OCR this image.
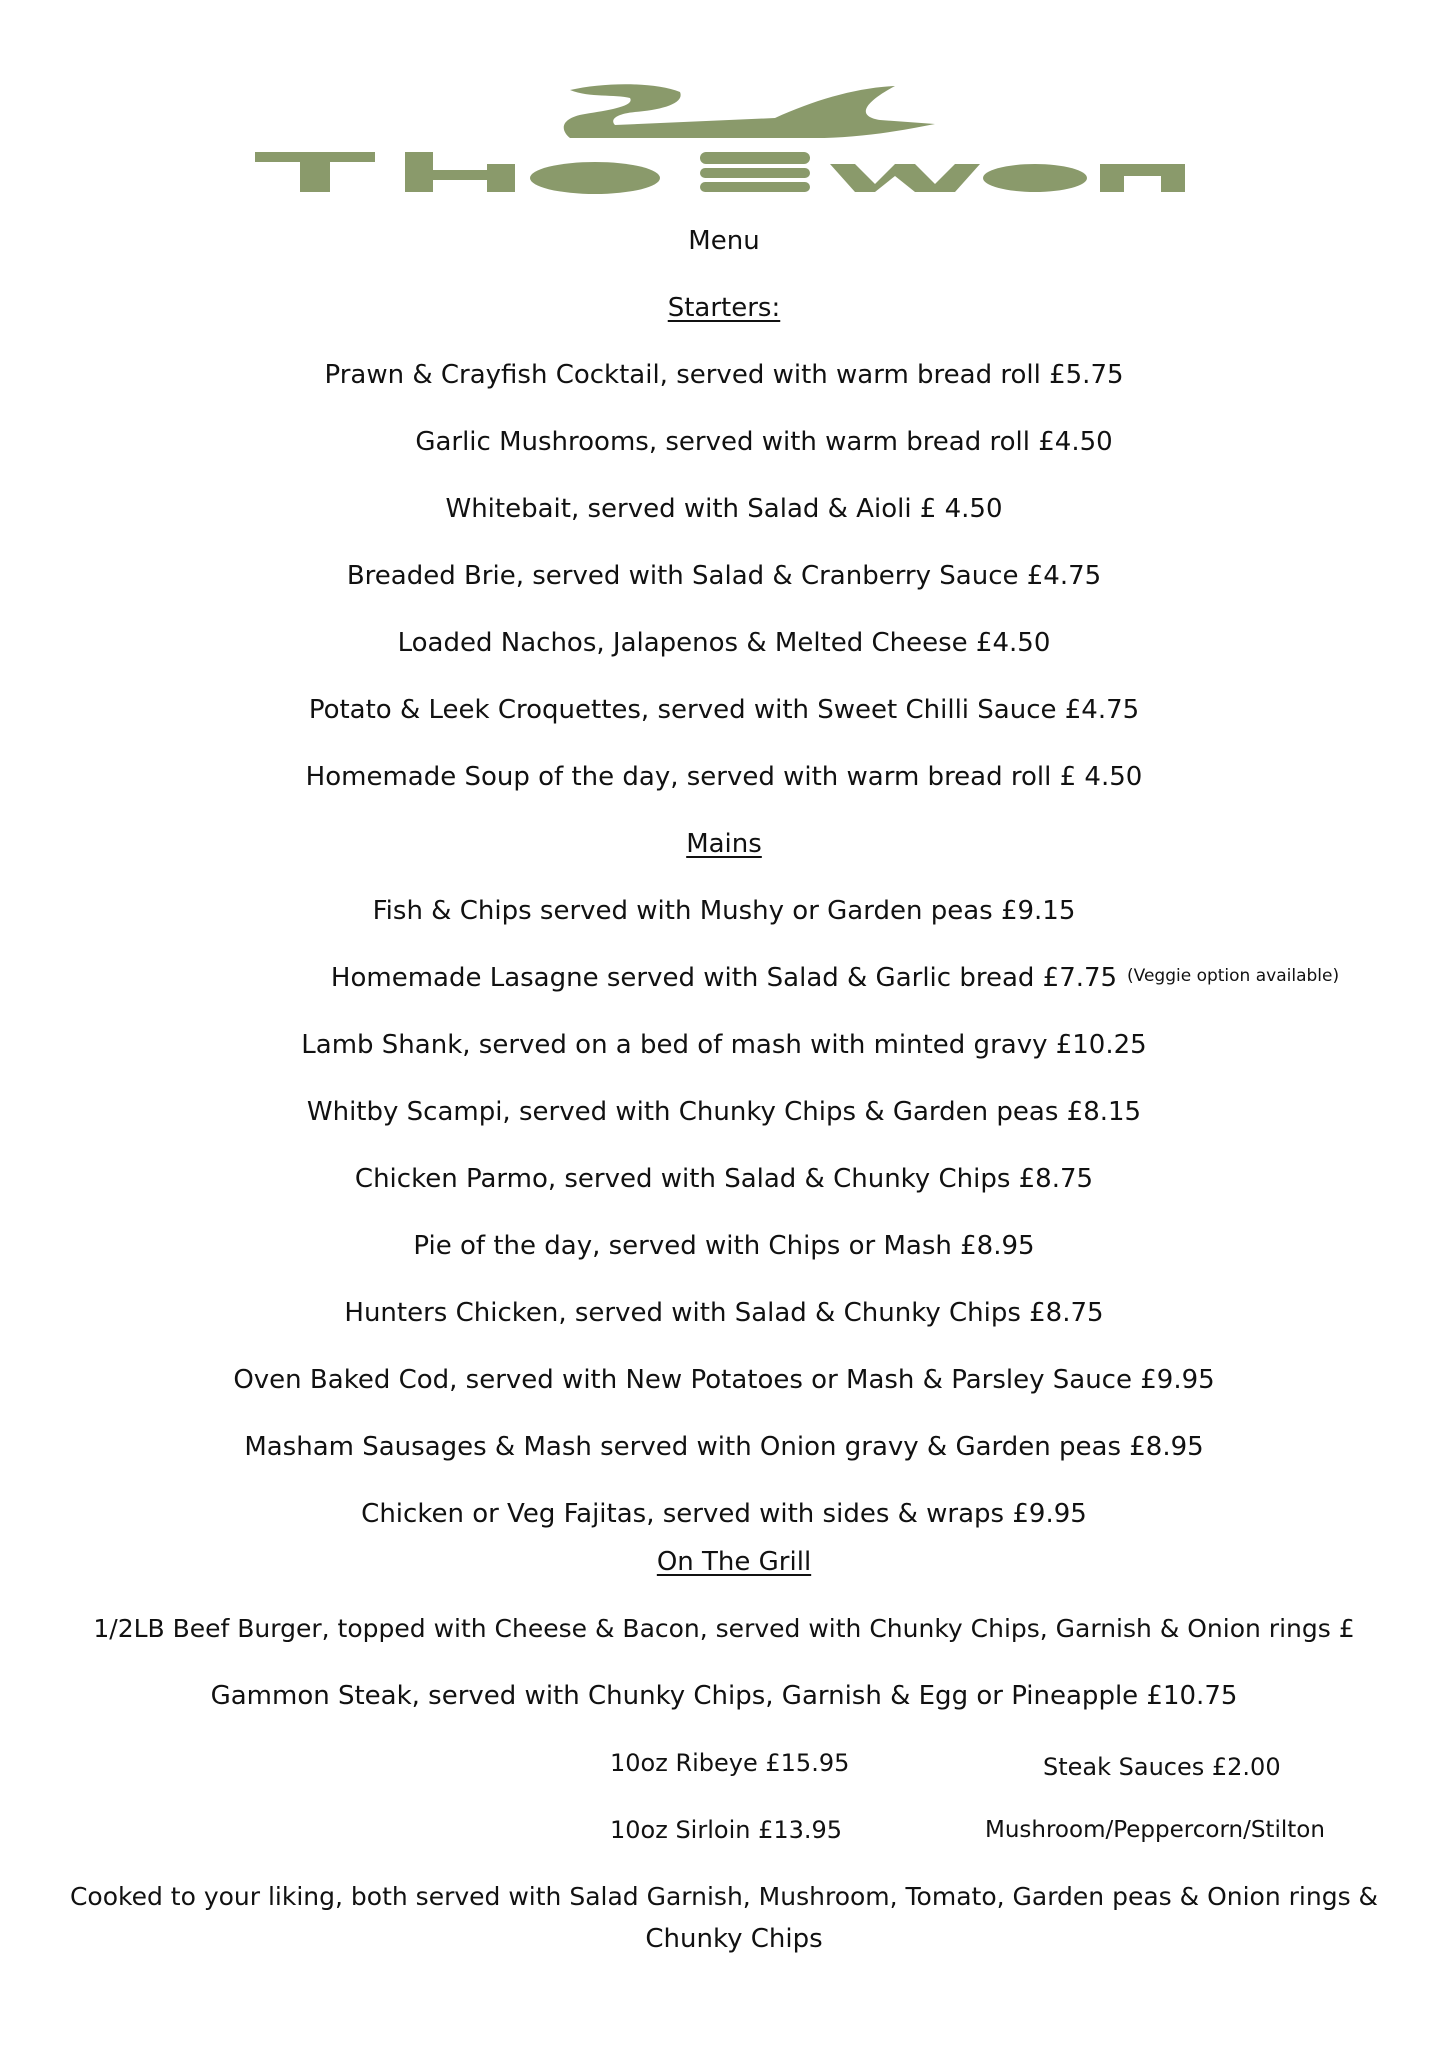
Menu
Starters:
Prawn & Crayfish Cocktail, served with warm bread roll £5.75
Garlic Mushrooms, served with warm bread roll £4.50
Whitebait, served with Salad & Aioli £ 4.50
Breaded Brie, served with Salad & Cranberry Sauce £4.75
Loaded Nachos, Jalapenos & Melted Cheese £4.50
Potato & Leek Croquettes, served with Sweet Chilli Sauce £4.75
Homemade Soup of the day, served with warm bread roll £ 4.50
Mains
Fish & Chips served with Mushy or Garden peas £9.15
Homemade Lasagne served with Salad & Garlic bread £7.75 (Veggie option available)
Lamb Shank, served on a bed of mash with minted gravy £10.25
Whitby Scampi, served with Chunky Chips & Garden peas £8.15
Chicken Parmo, served with Salad & Chunky Chips £8.75
Pie of the day, served with Chips or Mash £8.95
Hunters Chicken, served with Salad & Chunky Chips £8.75
Oven Baked Cod, served with New Potatoes or Mash & Parsley Sauce £9.95
Masham Sausages & Mash served with Onion gravy & Garden peas £8.95
Chicken or Veg Fajitas, served with sides & wraps £9.95
On The Grill
1/2LB Beef Burger, topped with Cheese & Bacon, served with Chunky Chips, Garnish & Onion rings £
Gammon Steak, served with Chunky Chips, Garnish & Egg or Pineapple £10.75
10oz Ribeye £15.95	Steak Sauces £2.00
10oz Sirloin £13.95	Mushroom/Peppercorn/Stilton
Cooked to your liking, both served with Salad Garnish, Mushroom, Tomato, Garden peas & Onion rings &
Chunky Chips
